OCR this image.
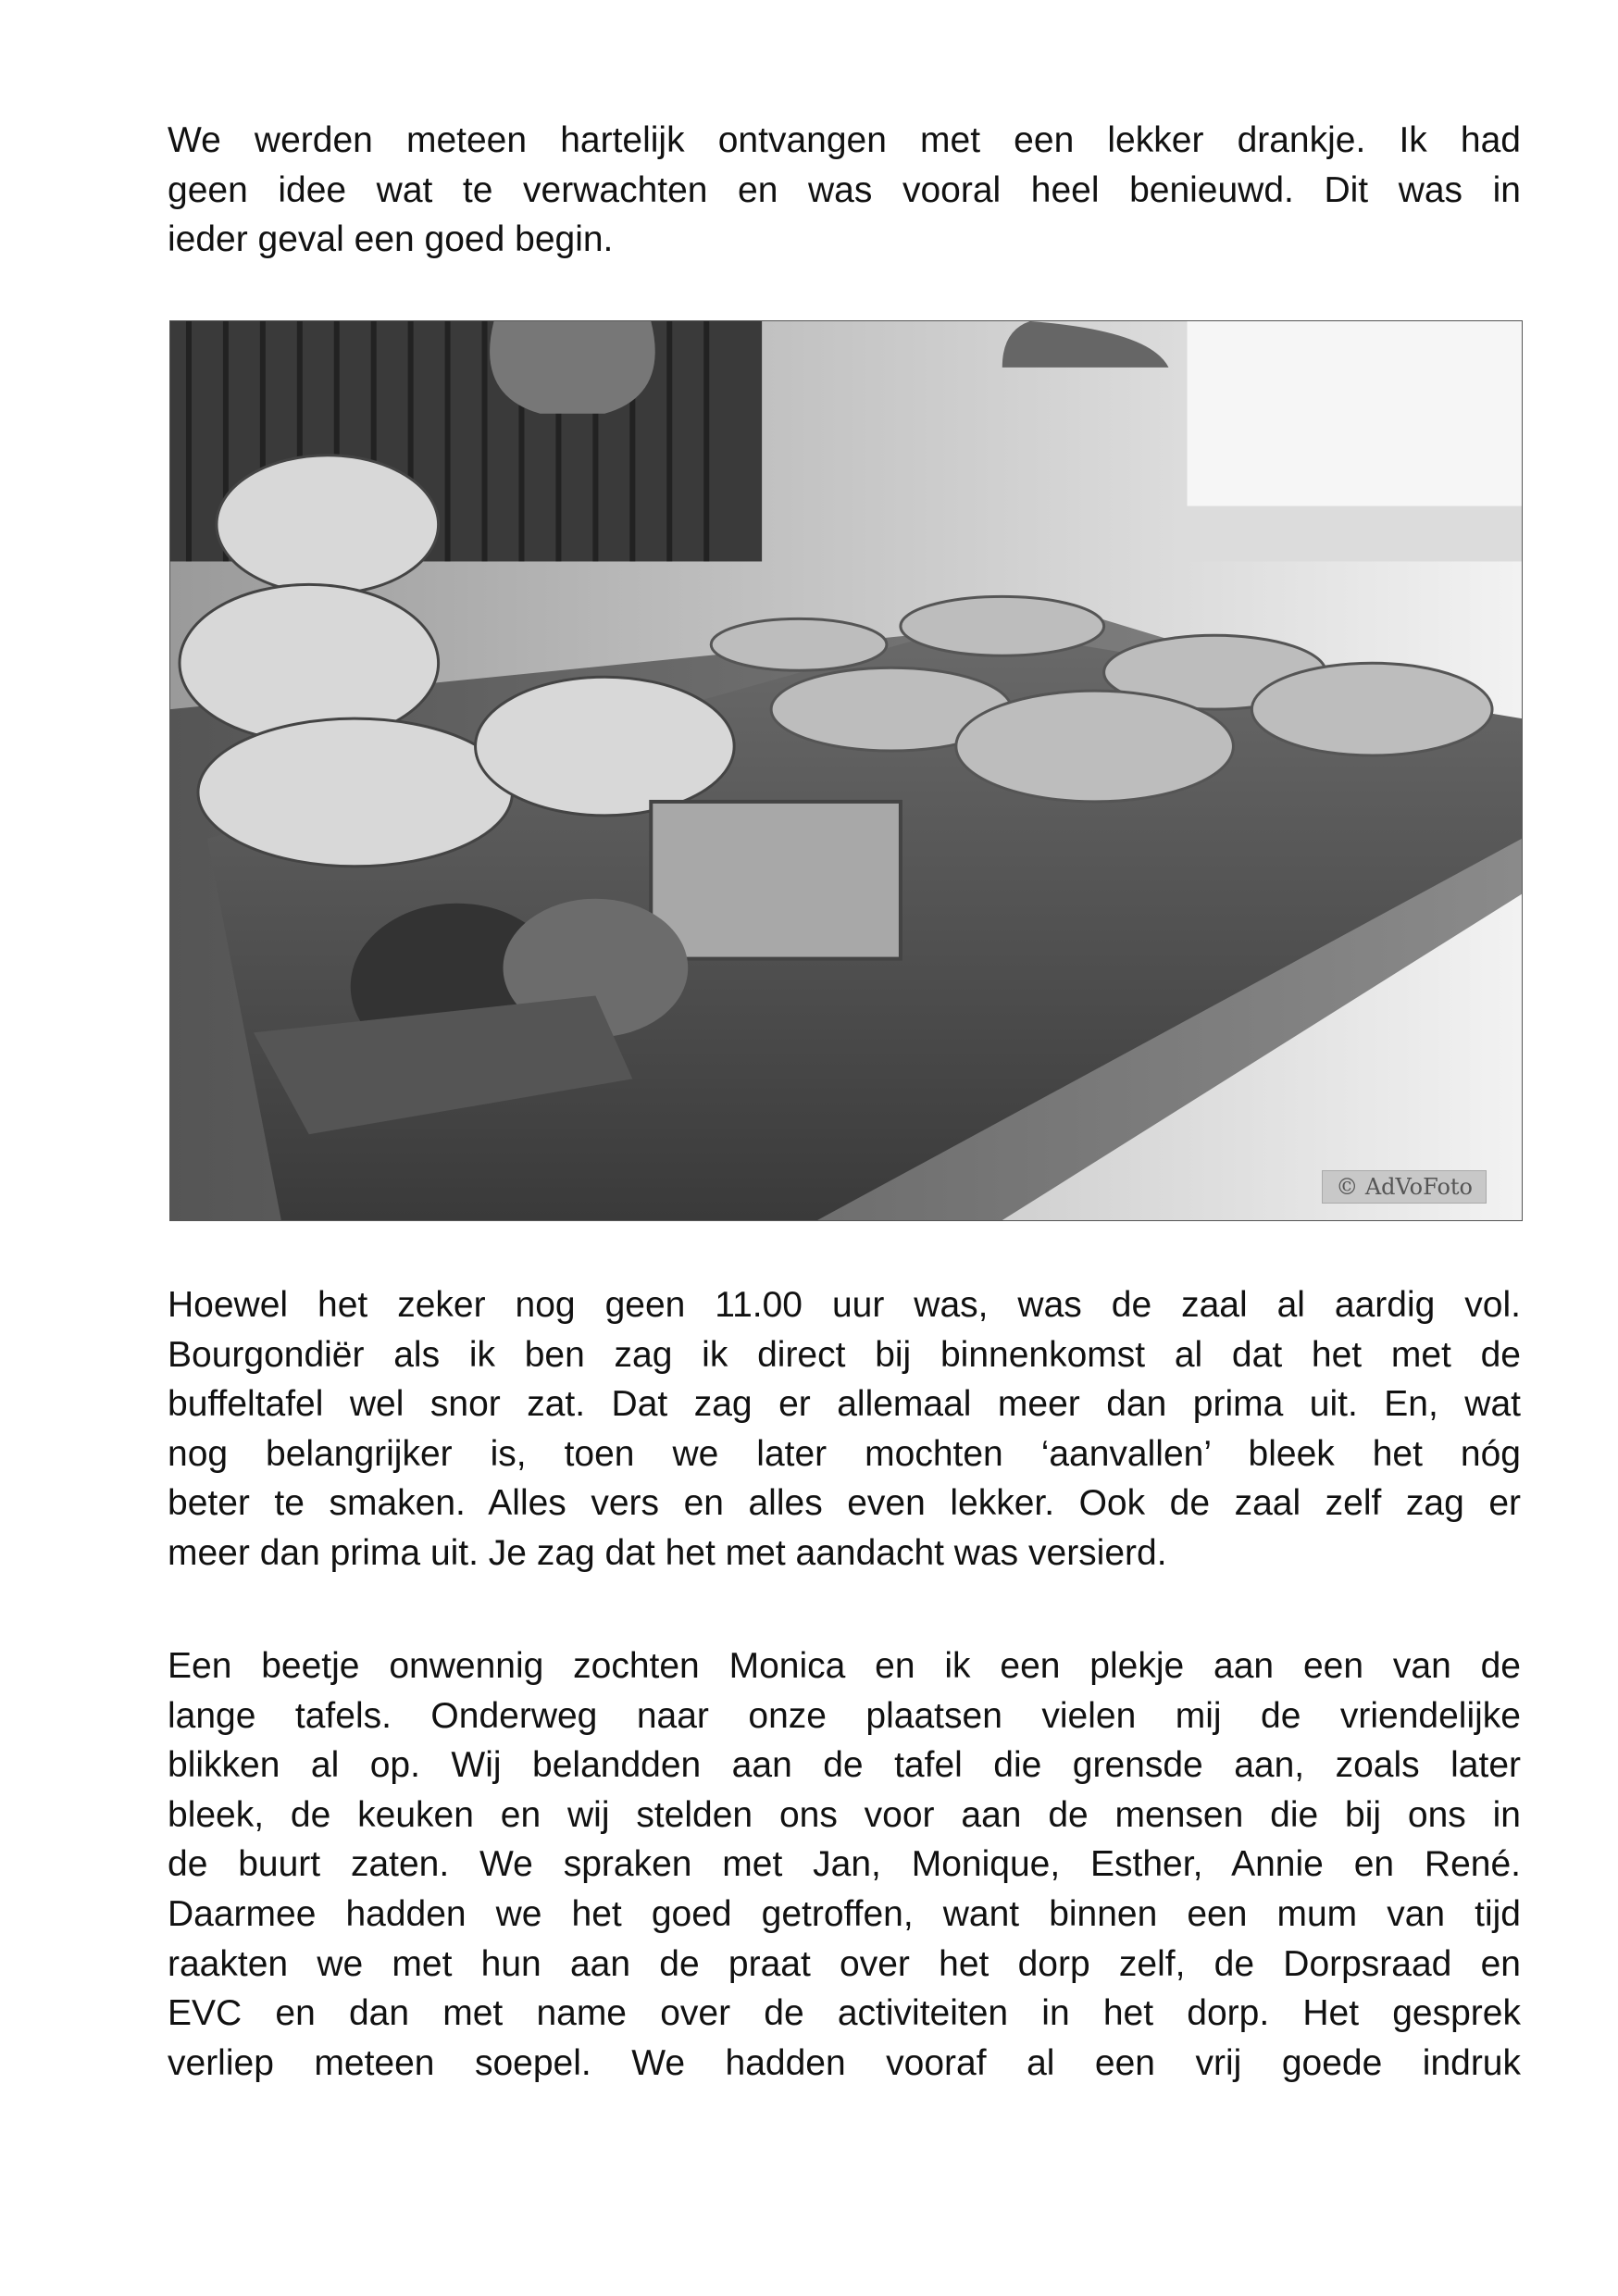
We werden meteen hartelijk ontvangen met een lekker drankje. Ik had
geen idee wat te verwachten en was vooral heel benieuwd. Dit was in
ieder geval een goed begin.
© AdVoFoto
Hoewel het zeker nog geen 11.00 uur was, was de zaal al aardig vol.
Bourgondiër als ik ben zag ik direct bij binnenkomst al dat het met de
buffeltafel wel snor zat. Dat zag er allemaal meer dan prima uit. En, wat
nog belangrijker is, toen we later mochten ‘aanvallen’ bleek het nóg
beter te smaken. Alles vers en alles even lekker. Ook de zaal zelf zag er
meer dan prima uit. Je zag dat het met aandacht was versierd.
Een beetje onwennig zochten Monica en ik een plekje aan een van de
lange tafels. Onderweg naar onze plaatsen vielen mij de vriendelijke
blikken al op. Wij belandden aan de tafel die grensde aan, zoals later
bleek, de keuken en wij stelden ons voor aan de mensen die bij ons in
de buurt zaten. We spraken met Jan, Monique, Esther, Annie en René.
Daarmee hadden we het goed getroffen, want binnen een mum van tijd
raakten we met hun aan de praat over het dorp zelf, de Dorpsraad en
EVC en dan met name over de activiteiten in het dorp. Het gesprek
verliep meteen soepel. We hadden vooraf al een vrij goede indruk
